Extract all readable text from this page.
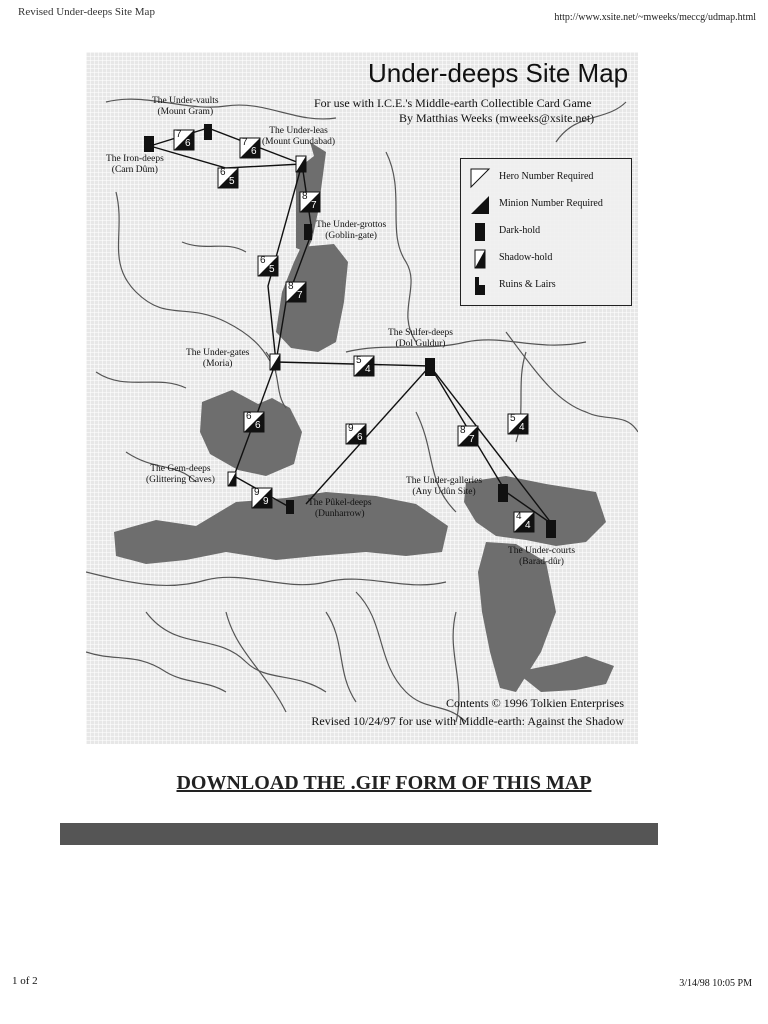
Revised Under-deeps Site Map	http://www.xsite.net/~mweeks/meccg/udmap.html
Under-deeps Site Map
For use with I.C.E.'s Middle-earth Collectible Card Game
By Matthias Weeks (mweeks@xsite.net)
Hero Number Required
Minion Number Required
Dark-hold
Shadow-hold
Ruins & Lairs
The Under-vaults
(Mount Gram)
The Under-leas
(Mount Gundabad)
The Iron-deeps
(Carn Dûm)
The Under-grottos
(Goblin-gate)
The Sulfer-deeps
(Dol Guldur)
The Under-gates
(Moria)
The Gem-deeps
(Glittering Caves)	The Under-galleries
(Any Udûn Site)
The Pûkel-deeps
(Dunharrow)
The Under-courts
(Barad-dûr)
7
6	7
6
6
5
8
7
6
5
8
7
5
4
6
6	9
6
8
7
5
4
9
9
4
4
Contents © 1996 Tolkien Enterprises
Revised 10/24/97 for use with Middle-earth: Against the Shadow
DOWNLOAD THE .GIF FORM OF THIS MAP
1 of 2	3/14/98 10:05 PM
